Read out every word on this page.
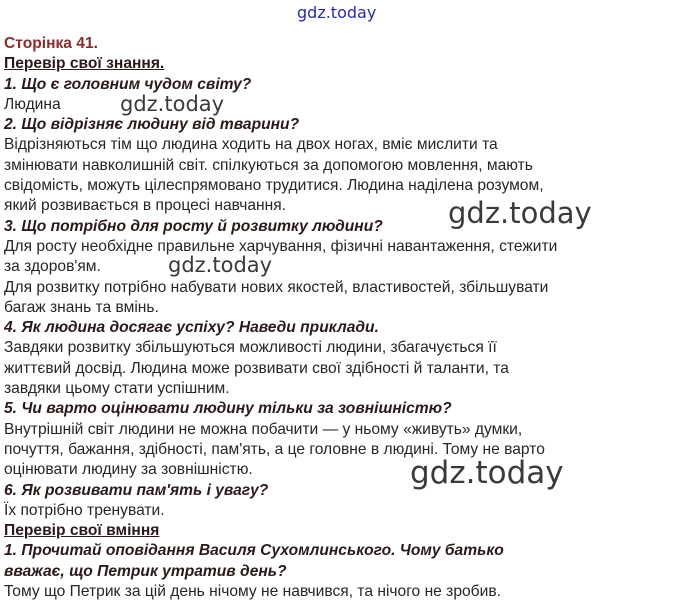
gdz.today
gdz.today
gdz.today
gdz.today
gdz.today
Сторінка 41.
Перевір свої знання.
1. Що є головним чудом світу?
Людина
2. Що відрізняє людину від тварини?
Відрізняються тім що людина ходить на двох ногах, вміє мислити та
змінювати навколишній світ. спілкуються за допомогою мовлення, мають
свідомість, можуть цілеспрямовано трудитися. Людина наділена розумом,
який розвивається в процесі навчання.
3. Що потрібно для росту й розвитку людини?
Для росту необхідне правильне харчування, фізичні навантаження, стежити
за здоров'ям.
Для розвитку потрібно набувати нових якостей, властивостей, збільшувати
багаж знань та вмінь.
4. Як людина досягає успіху? Наведи приклади.
Завдяки розвитку збільшуються можливості людини, збагачується її
життєвий досвід. Людина може розвивати свої здібності й таланти, та
завдяки цьому стати успішним.
5. Чи варто оцінювати людину тільки за зовнішністю?
Внутрішній світ людини не можна побачити — у ньому «живуть» думки,
почуття, бажання, здібності, пам'ять, а це головне в людині. Тому не варто
оцінювати людину за зовнішністю.
6. Як розвивати пам'ять і увагу?
Їх потрібно тренувати.
Перевір свої вміння
1. Прочитай оповідання Василя Сухомлинського. Чому батько
вважає, що Петрик утратив день?
Тому що Петрик за цій день нічому не навчився, та нічого не зробив.
